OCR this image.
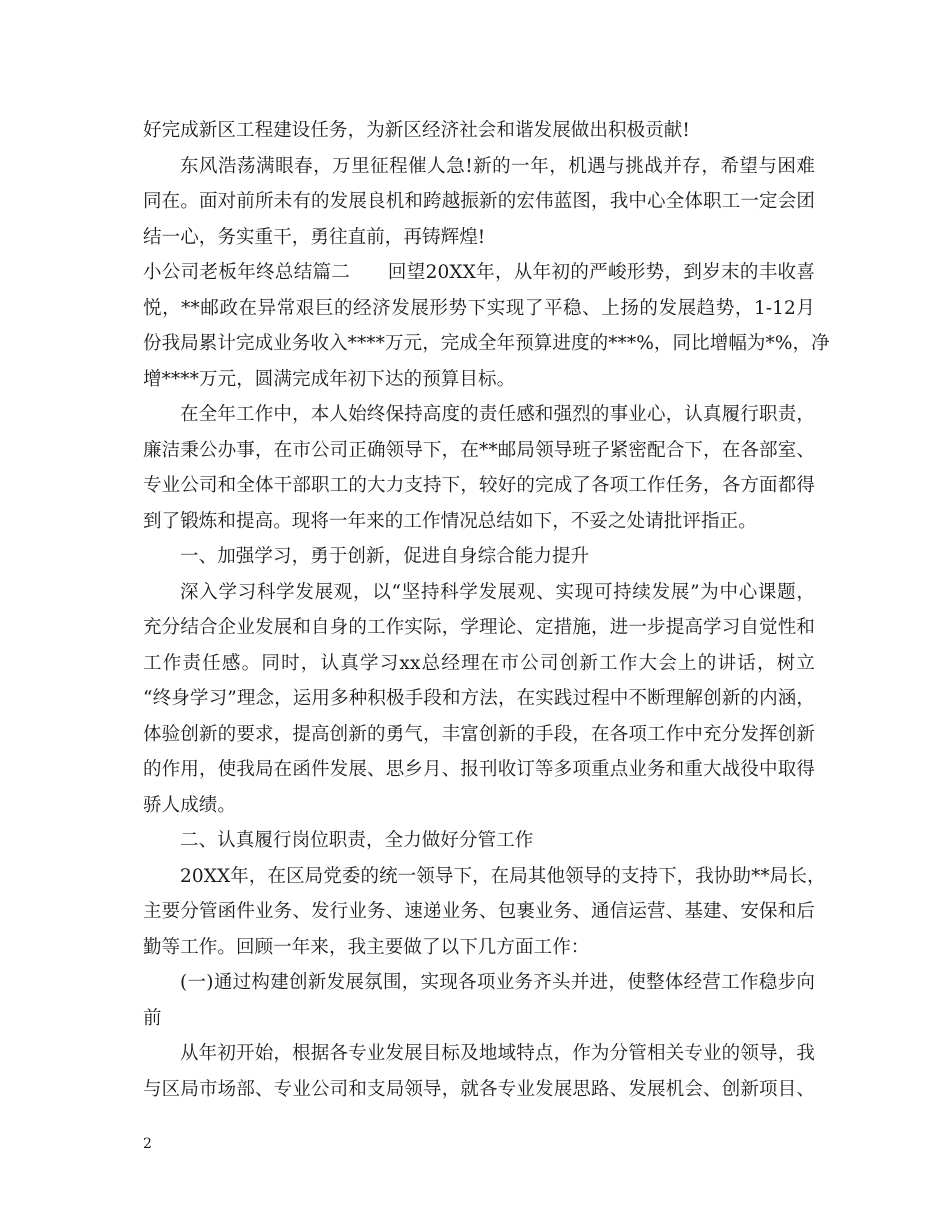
好完成新区工程建设任务，为新区经济社会和谐发展做出积极贡献!
东风浩荡满眼春，万里征程催人急!新的一年，机遇与挑战并存，希望与困难
同在。面对前所未有的发展良机和跨越振新的宏伟蓝图，我中心全体职工一定会团
结一心，务实重干，勇往直前，再铸辉煌!
小公司老板年终总结篇二　　回望20XX年，从年初的严峻形势，到岁末的丰收喜
悦，**邮政在异常艰巨的经济发展形势下实现了平稳、上扬的发展趋势，1-12月
份我局累计完成业务收入****万元，完成全年预算进度的***%，同比增幅为*%，净
增****万元，圆满完成年初下达的预算目标。
在全年工作中，本人始终保持高度的责任感和强烈的事业心，认真履行职责，
廉洁秉公办事，在市公司正确领导下，在**邮局领导班子紧密配合下，在各部室、
专业公司和全体干部职工的大力支持下，较好的完成了各项工作任务，各方面都得
到了锻炼和提高。现将一年来的工作情况总结如下，不妥之处请批评指正。
一、加强学习，勇于创新，促进自身综合能力提升
深入学习科学发展观，以“坚持科学发展观、实现可持续发展”为中心课题，
充分结合企业发展和自身的工作实际，学理论、定措施，进一步提高学习自觉性和
工作责任感。同时，认真学习xx总经理在市公司创新工作大会上的讲话，树立
“终身学习”理念，运用多种积极手段和方法，在实践过程中不断理解创新的内涵，
体验创新的要求，提高创新的勇气，丰富创新的手段，在各项工作中充分发挥创新
的作用，使我局在函件发展、思乡月、报刊收订等多项重点业务和重大战役中取得
骄人成绩。
二、认真履行岗位职责，全力做好分管工作
20XX年，在区局党委的统一领导下，在局其他领导的支持下，我协助**局长，
主要分管函件业务、发行业务、速递业务、包裹业务、通信运营、基建、安保和后
勤等工作。回顾一年来，我主要做了以下几方面工作：
(一)通过构建创新发展氛围，实现各项业务齐头并进，使整体经营工作稳步向
前
从年初开始，根据各专业发展目标及地域特点，作为分管相关专业的领导，我
与区局市场部、专业公司和支局领导，就各专业发展思路、发展机会、创新项目、
2
